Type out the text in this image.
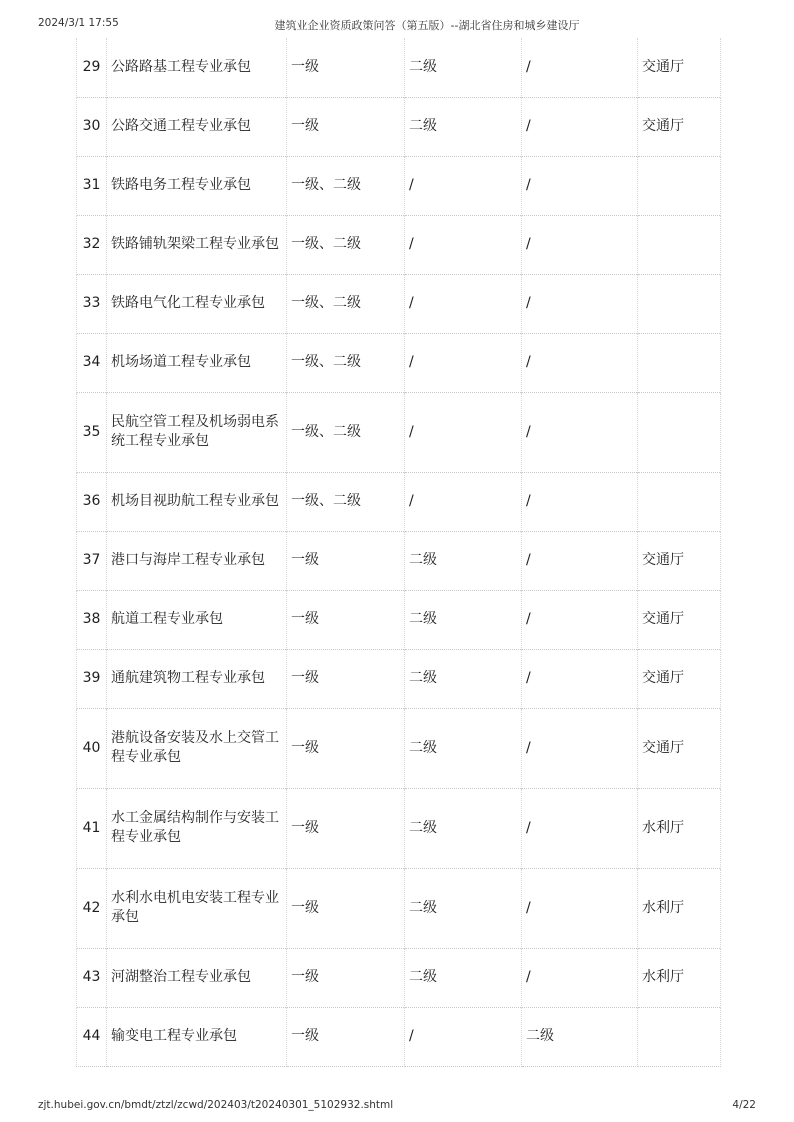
2024/3/1 17:55	建筑业企业资质政策问答（第五版）--湖北省住房和城乡建设厅
29	公路路基工程专业承包	一级	二级	/	交通厅
30	公路交通工程专业承包	一级	二级	/	交通厅
31	铁路电务工程专业承包	一级、二级	/	/	
32	铁路铺轨架梁工程专业承包	一级、二级	/	/	
33	铁路电气化工程专业承包	一级、二级	/	/	
34	机场场道工程专业承包	一级、二级	/	/	
35	民航空管工程及机场弱电系统工程专业承包	一级、二级	/	/	
36	机场目视助航工程专业承包	一级、二级	/	/	
37	港口与海岸工程专业承包	一级	二级	/	交通厅
38	航道工程专业承包	一级	二级	/	交通厅
39	通航建筑物工程专业承包	一级	二级	/	交通厅
40	港航设备安装及水上交管工程专业承包	一级	二级	/	交通厅
41	水工金属结构制作与安装工程专业承包	一级	二级	/	水利厅
42	水利水电机电安装工程专业承包	一级	二级	/	水利厅
43	河湖整治工程专业承包	一级	二级	/	水利厅
44	输变电工程专业承包	一级	/	二级	
zjt.hubei.gov.cn/bmdt/ztzl/zcwd/202403/t20240301_5102932.shtml	4/22
